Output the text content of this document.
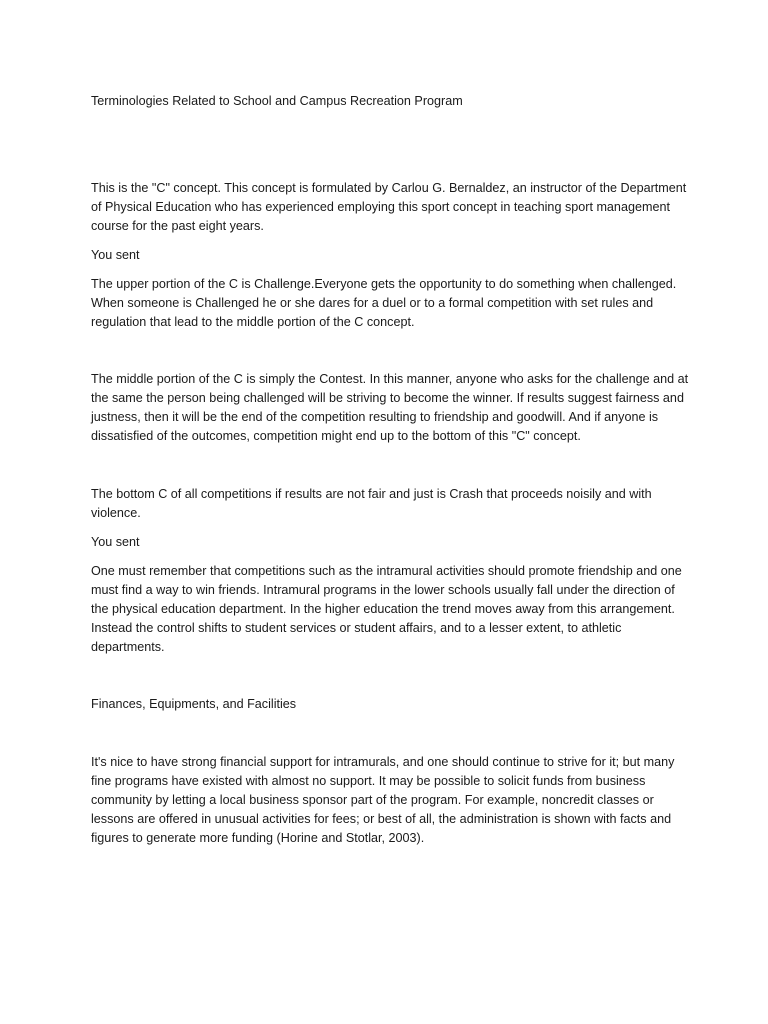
Terminologies Related to School and Campus Recreation Program

This is the "C" concept. This concept is formulated by Carlou G. Bernaldez, an instructor of the Department of Physical Education who has experienced employing this sport concept in teaching sport management course for the past eight years.

You sent

The upper portion of the C is Challenge.Everyone gets the opportunity to do something when challenged. When someone is Challenged he or she dares for a duel or to a formal competition with set rules and regulation that lead to the middle portion of the C concept.

The middle portion of the C is simply the Contest. In this manner, anyone who asks for the challenge and at the same the person being challenged will be striving to become the winner. If results suggest fairness and justness, then it will be the end of the competition resulting to friendship and goodwill. And if anyone is dissatisfied of the outcomes, competition might end up to the bottom of this "C" concept.

The bottom C of all competitions if results are not fair and just is Crash that proceeds noisily and with violence.

You sent

One must remember that competitions such as the intramural activities should promote friendship and one must find a way to win friends. Intramural programs in the lower schools usually fall under the direction of the physical education department. In the higher education the trend moves away from this arrangement. Instead the control shifts to student services or student affairs, and to a lesser extent, to athletic departments.

Finances, Equipments, and Facilities

It's nice to have strong financial support for intramurals, and one should continue to strive for it; but many fine programs have existed with almost no support. It may be possible to solicit funds from business community by letting a local business sponsor part of the program. For example, noncredit classes or lessons are offered in unusual activities for fees; or best of all, the administration is shown with facts and figures to generate more funding (Horine and Stotlar, 2003).
